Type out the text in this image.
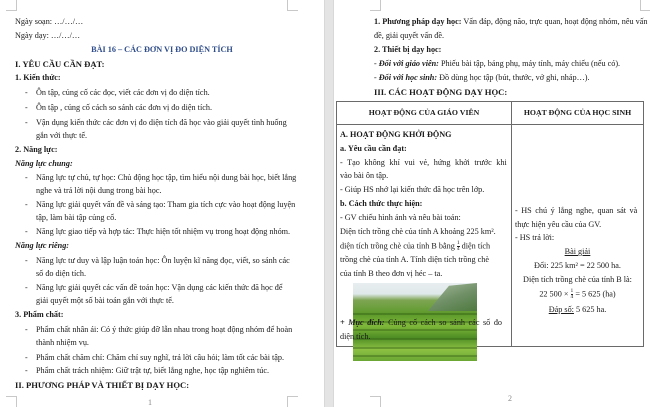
Ngày soạn: …/…/…
Ngày dạy: …/…/…
BÀI 16 – CÁC ĐƠN VỊ ĐO DIỆN TÍCH
I. YÊU CẦU CẦN ĐẠT:
1. Kiến thức:
- Ôn tập, củng cố các đọc, viết các đơn vị đo diện tích.
- Ôn tập , củng cố cách so sánh các đơn vị đo diện tích.
- Vận dụng kiến thức các đơn vị đo diện tích đã học vào giải quyết tình huống
gắn với thực tế.
2. Năng lực:
Năng lực chung:
- Năng lực tự chủ, tự học: Chủ động học tập, tìm hiểu nội dung bài học, biết lắng
nghe và trả lời nội dung trong bài học.
- Năng lực giải quyết vấn đề và sáng tạo: Tham gia tích cực vào hoạt động luyện
tập, làm bài tập củng cố.
- Năng lực giao tiếp và hợp tác: Thực hiện tốt nhiệm vụ trong hoạt động nhóm.
Năng lực riêng:
- Năng lực tư duy và lập luận toán học: Ôn luyện kĩ năng đọc, viết, so sánh các
số đo diện tích.
- Năng lực giải quyết các vấn đề toán học: Vận dụng các kiến thức đã học để
giải quyết một số bài toán gắn với thực tế.
3. Phẩm chất:
- Phẩm chất nhân ái: Có ý thức giúp đỡ lẫn nhau trong hoạt động nhóm để hoàn
thành nhiệm vụ.
- Phẩm chất chăm chỉ: Chăm chỉ suy nghĩ, trả lời câu hỏi; làm tốt các bài tập.
- Phẩm chất trách nhiệm: Giữ trật tự, biết lắng nghe, học tập nghiêm túc.
II. PHƯƠNG PHÁP VÀ THIẾT BỊ DẠY HỌC:
1
1. Phương pháp dạy học: Vấn đáp, động não, trực quan, hoạt động nhóm, nêu vấn
đề, giải quyết vấn đề.
2. Thiết bị dạy học:
- Đối với giáo viên: Phiếu bài tập, bảng phụ, máy tính, máy chiếu (nếu có).
- Đối với học sinh: Đồ dùng học tập (bút, thước, vở ghi, nháp…).
III. CÁC HOẠT ĐỘNG DẠY HỌC:
HOẠT ĐỘNG CỦA GIÁO VIÊN	HOẠT ĐỘNG CỦA HỌC SINH
A. HOẠT ĐỘNG KHỞI ĐỘNG
a. Yêu cầu cần đạt:
- Tạo không khí vui vẻ, hứng khởi trước khi
vào bài ôn tập.
- Giúp HS nhớ lại kiến thức đã học trên lớp.
b. Cách thức thực hiện:
- GV chiếu hình ảnh và nêu bài toán:
Diện tích trồng chè của tỉnh A khoảng 225 km².
diện tích trồng chè của tỉnh B bằng $\frac{1}{4}$ diện tích
trồng chè của tỉnh A. Tính diện tích trồng chè
của tỉnh B theo đơn vị héc – ta.
+ Mục đích: Củng cố cách so sánh các số đo
diện tích.
- HS chú ý lắng nghe, quan sát và
thực hiện yêu cầu của GV.
- HS trả lời:
Bài giải
Đổi: 225 km² = 22 500 ha.
Diện tích trồng chè của tỉnh B là:
22 $500 \times \frac{1}{4} = 5$ 625 (ha)
Đáp số: 5 625 ha.
2
